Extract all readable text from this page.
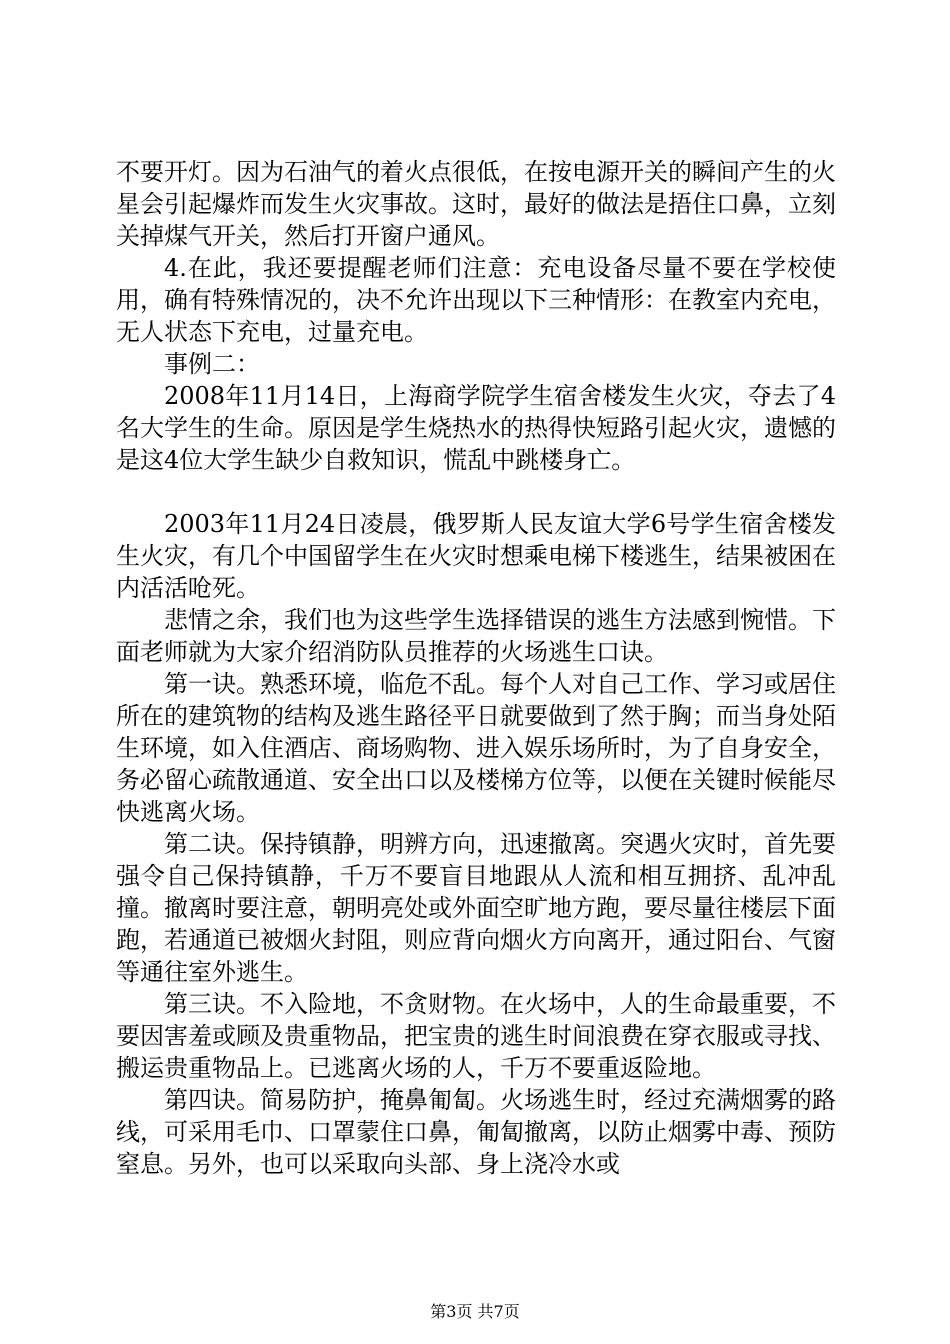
不要开灯。因为石油气的着火点很低，在按电源开关的瞬间产生的火星会引起爆炸而发生火灾事故。这时，最好的做法是捂住口鼻，立刻关掉煤气开关，然后打开窗户通风。

4.在此，我还要提醒老师们注意：充电设备尽量不要在学校使用，确有特殊情况的，决不允许出现以下三种情形：在教室内充电，无人状态下充电，过量充电。

事例二：

2008年11月14日，上海商学院学生宿舍楼发生火灾，夺去了4名大学生的生命。原因是学生烧热水的热得快短路引起火灾，遗憾的是这4位大学生缺少自救知识，慌乱中跳楼身亡。

2003年11月24日凌晨，俄罗斯人民友谊大学6号学生宿舍楼发生火灾，有几个中国留学生在火灾时想乘电梯下楼逃生，结果被困在内活活呛死。

悲情之余，我们也为这些学生选择错误的逃生方法感到惋惜。下面老师就为大家介绍消防队员推荐的火场逃生口诀。

第一诀。熟悉环境，临危不乱。每个人对自己工作、学习或居住所在的建筑物的结构及逃生路径平日就要做到了然于胸；而当身处陌生环境，如入住酒店、商场购物、进入娱乐场所时，为了自身安全，务必留心疏散通道、安全出口以及楼梯方位等，以便在关键时候能尽快逃离火场。

第二诀。保持镇静，明辨方向，迅速撤离。突遇火灾时，首先要强令自己保持镇静，千万不要盲目地跟从人流和相互拥挤、乱冲乱撞。撤离时要注意，朝明亮处或外面空旷地方跑，要尽量往楼层下面跑，若通道已被烟火封阻，则应背向烟火方向离开，通过阳台、气窗等通往室外逃生。

第三诀。不入险地，不贪财物。在火场中，人的生命最重要，不要因害羞或顾及贵重物品，把宝贵的逃生时间浪费在穿衣服或寻找、搬运贵重物品上。已逃离火场的人，千万不要重返险地。

第四诀。简易防护，掩鼻匍匐。火场逃生时，经过充满烟雾的路线，可采用毛巾、口罩蒙住口鼻，匍匐撤离，以防止烟雾中毒、预防窒息。另外，也可以采取向头部、身上浇冷水或

第3页 共7页
